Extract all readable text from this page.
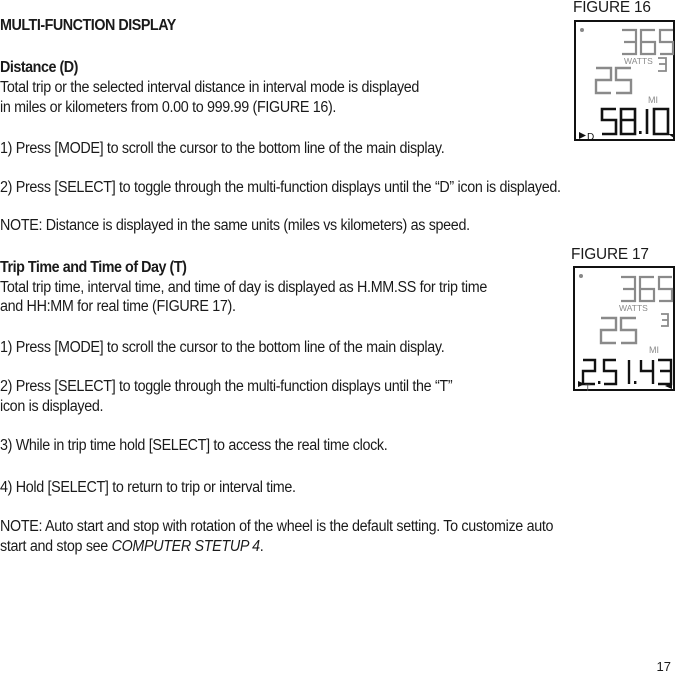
MULTI-FUNCTION DISPLAY
Distance (D)
Total trip or the selected interval distance in interval mode is displayed
in miles or kilometers from 0.00 to 999.99 (FIGURE 16).
1) Press [MODE] to scroll the cursor to the bottom line of the main display.
2) Press [SELECT] to toggle through the multi-function displays until the “D” icon is displayed.
NOTE: Distance is displayed in the same units (miles vs kilometers) as speed.
Trip Time and Time of Day (T)
Total trip time, interval time, and time of day is displayed as H.MM.SS for trip time
and HH:MM for real time (FIGURE 17).
1) Press [MODE] to scroll the cursor to the bottom line of the main display.
2) Press [SELECT] to toggle through the multi-function displays until the “T”
icon is displayed.
3) While in trip time hold [SELECT] to access the real time clock.
4) Hold [SELECT] to return to trip or interval time.
NOTE: Auto start and stop with rotation of the wheel is the default setting. To customize auto
start and stop see COMPUTER STETUP 4.
FIGURE 16
WATTS
MI
D
FIGURE 17
WATTS
MI
T
17
